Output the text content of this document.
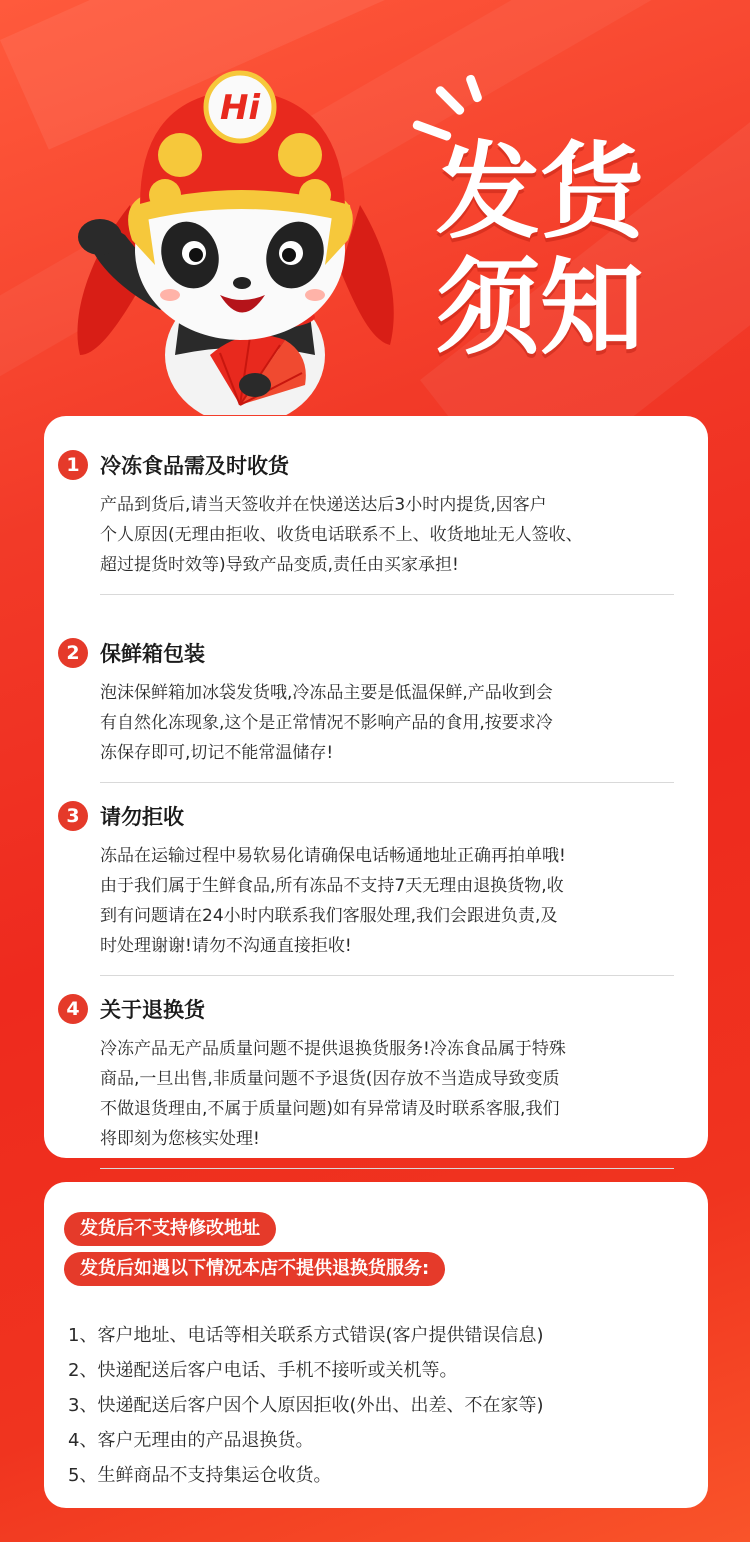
Hi
发货
须知
1 冷冻食品需及时收货
产品到货后,请当天签收并在快递送达后3小时内提货,因客户
个人原因(无理由拒收、收货电话联系不上、收货地址无人签收、
超过提货时效等)导致产品变质,责任由买家承担!
2 保鲜箱包装
泡沫保鲜箱加冰袋发货哦,冷冻品主要是低温保鲜,产品收到会
有自然化冻现象,这个是正常情况不影响产品的食用,按要求冷
冻保存即可,切记不能常温储存!
3 请勿拒收
冻品在运输过程中易软易化请确保电话畅通地址正确再拍单哦!
由于我们属于生鲜食品,所有冻品不支持7天无理由退换货物,收
到有问题请在24小时内联系我们客服处理,我们会跟进负责,及
时处理谢谢!请勿不沟通直接拒收!
4 关于退换货
冷冻产品无产品质量问题不提供退换货服务!冷冻食品属于特殊
商品,一旦出售,非质量问题不予退货(因存放不当造成导致变质
不做退货理由,不属于质量问题)如有异常请及时联系客服,我们
将即刻为您核实处理!
发货后不支持修改地址
发货后如遇以下情况本店不提供退换货服务:
1、客户地址、电话等相关联系方式错误(客户提供错误信息)
2、快递配送后客户电话、手机不接听或关机等。
3、快递配送后客户因个人原因拒收(外出、出差、不在家等)
4、客户无理由的产品退换货。
5、生鲜商品不支持集运仓收货。
